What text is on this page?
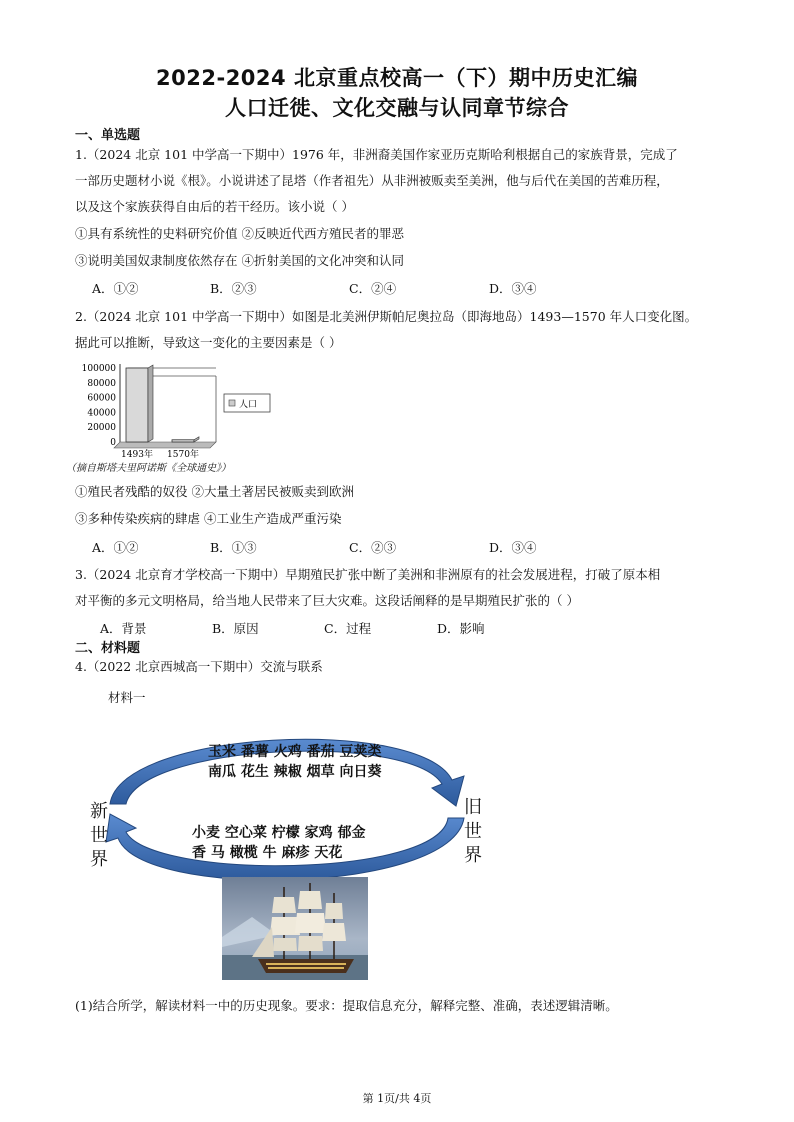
2022-2024 北京重点校高一（下）期中历史汇编
人口迁徙、文化交融与认同章节综合
一、单选题
1.（2024 北京 101 中学高一下期中）1976 年，非洲裔美国作家亚历克斯哈利根据自己的家族背景，完成了
一部历史题材小说《根》。小说讲述了昆塔（作者祖先）从非洲被贩卖至美洲，他与后代在美国的苦难历程，
以及这个家族获得自由后的若干经历。该小说（ ）
①具有系统性的史料研究价值 ②反映近代西方殖民者的罪恶
③说明美国奴隶制度依然存在 ④折射美国的文化冲突和认同
A．①②	B．②③	C．②④	D．③④
2.（2024 北京 101 中学高一下期中）如图是北美洲伊斯帕尼奥拉岛（即海地岛）1493—1570 年人口变化图。
据此可以推断，导致这一变化的主要因素是（ ）
100000
80000
60000
40000
20000
0
1493年 1570年
人口
（摘自斯塔夫里阿诺斯《全球通史》）
①殖民者残酷的奴役 ②大量土著居民被贩卖到欧洲
③多种传染疾病的肆虐 ④工业生产造成严重污染
A．①②	B．①③	C．②③	D．③④
3.（2024 北京育才学校高一下期中）早期殖民扩张中断了美洲和非洲原有的社会发展进程，打破了原本相
对平衡的多元文明格局，给当地人民带来了巨大灾难。这段话阐释的是早期殖民扩张的（ ）
A．背景	B．原因	C．过程	D．影响
二、材料题
4.（2022 北京西城高一下期中）交流与联系
材料一
玉米 番薯 火鸡 番茄 豆荚类
南瓜 花生 辣椒 烟草 向日葵
小麦 空心菜 柠檬 家鸡 郁金
香 马 橄榄 牛 麻疹 天花
新世界
旧世界
(1)结合所学，解读材料一中的历史现象。要求：提取信息充分，解释完整、准确，表述逻辑清晰。
第 1页/共 4页
